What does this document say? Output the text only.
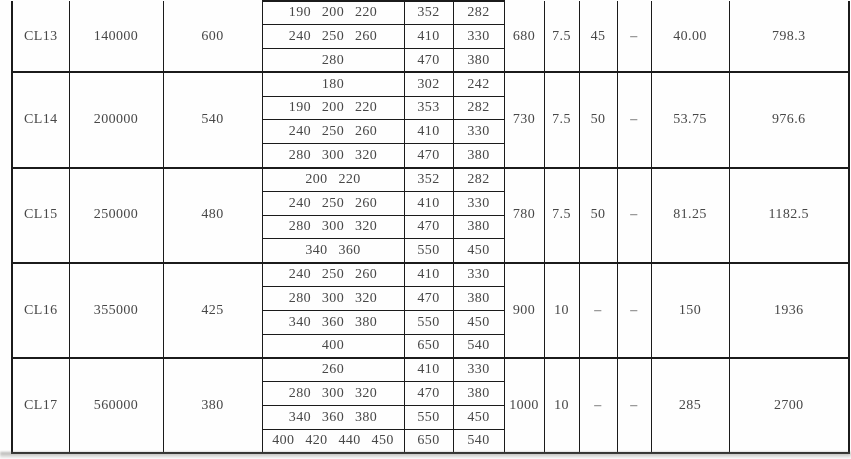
CL13	140000	600	190 200 220	352	282	680	7.5	45	–	40.00	798.3
			240 250 260	410	330						
			280	470	380						
CL14	200000	540	180	302	242	730	7.5	50	–	53.75	976.6
			190 200 220	353	282						
			240 250 260	410	330						
			280 300 320	470	380						
CL15	250000	480	200 220	352	282	780	7.5	50	–	81.25	1182.5
			240 250 260	410	330						
			280 300 320	470	380						
			340 360	550	450						
CL16	355000	425	240 250 260	410	330	900	10	–	–	150	1936
			280 300 320	470	380						
			340 360 380	550	450						
			400	650	540						
CL17	560000	380	260	410	330	1000	10	–	–	285	2700
			280 300 320	470	380						
			340 360 380	550	450						
			400 420 440 450	650	540						
